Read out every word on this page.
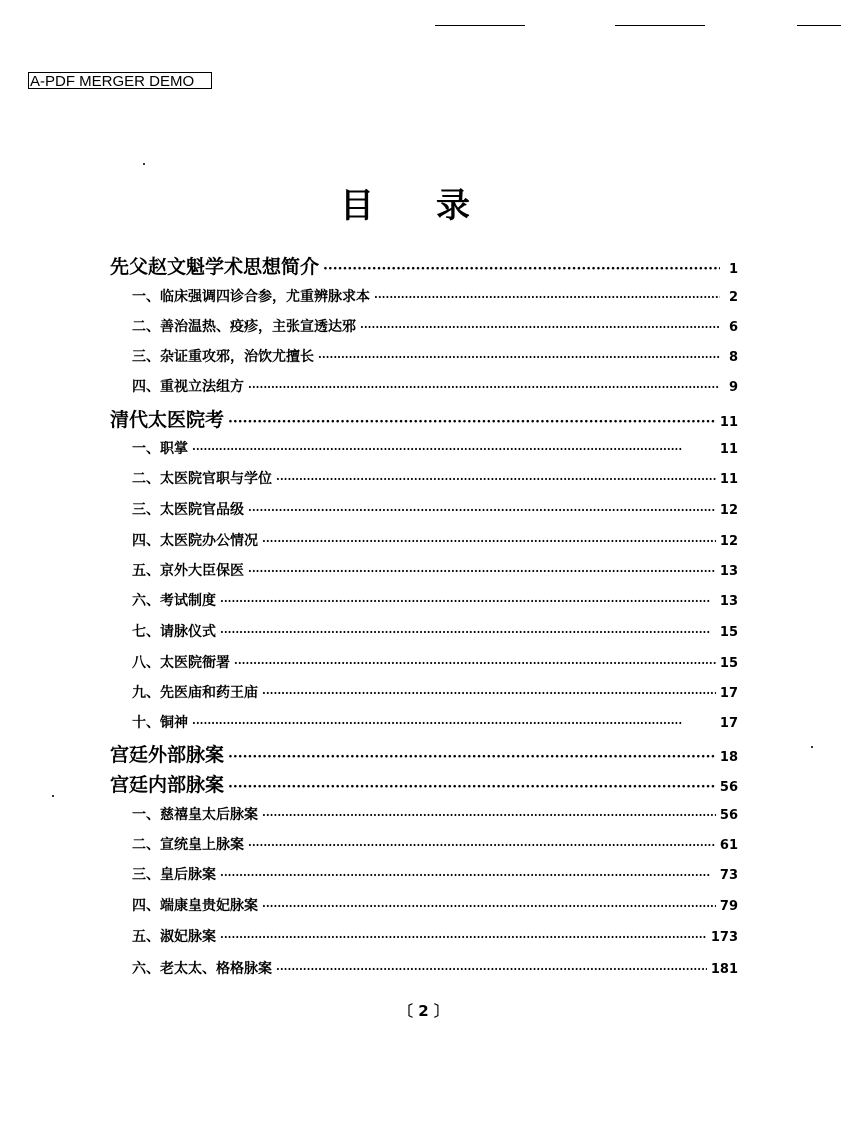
A-PDF MERGER DEMO
目录
先父赵文魁学术思想简介 ·····	1
一、临床强调四诊合参，尤重辨脉求本 ·····	2
二、善治温热、疫疹，主张宣透达邪 ·····	6
三、杂证重攻邪，治饮尤擅长 ·····	8
四、重视立法组方 ·····	9
清代太医院考 ·····	11
一、职掌 ·····	11
二、太医院官职与学位 ·····	11
三、太医院官品级 ·····	12
四、太医院办公情况 ·····	12
五、京外大臣保医 ·····	13
六、考试制度 ·····	13
七、请脉仪式 ·····	15
八、太医院衙署 ·····	15
九、先医庙和药王庙 ·····	17
十、铜神 ·····	17
宫廷外部脉案 ·····	18
宫廷内部脉案 ·····	56
一、慈禧皇太后脉案 ·····	56
二、宣统皇上脉案 ·····	61
三、皇后脉案 ·····	73
四、端康皇贵妃脉案 ·····	79
五、淑妃脉案 ·····	173
六、老太太、格格脉案 ·····	181
〔 2 〕
